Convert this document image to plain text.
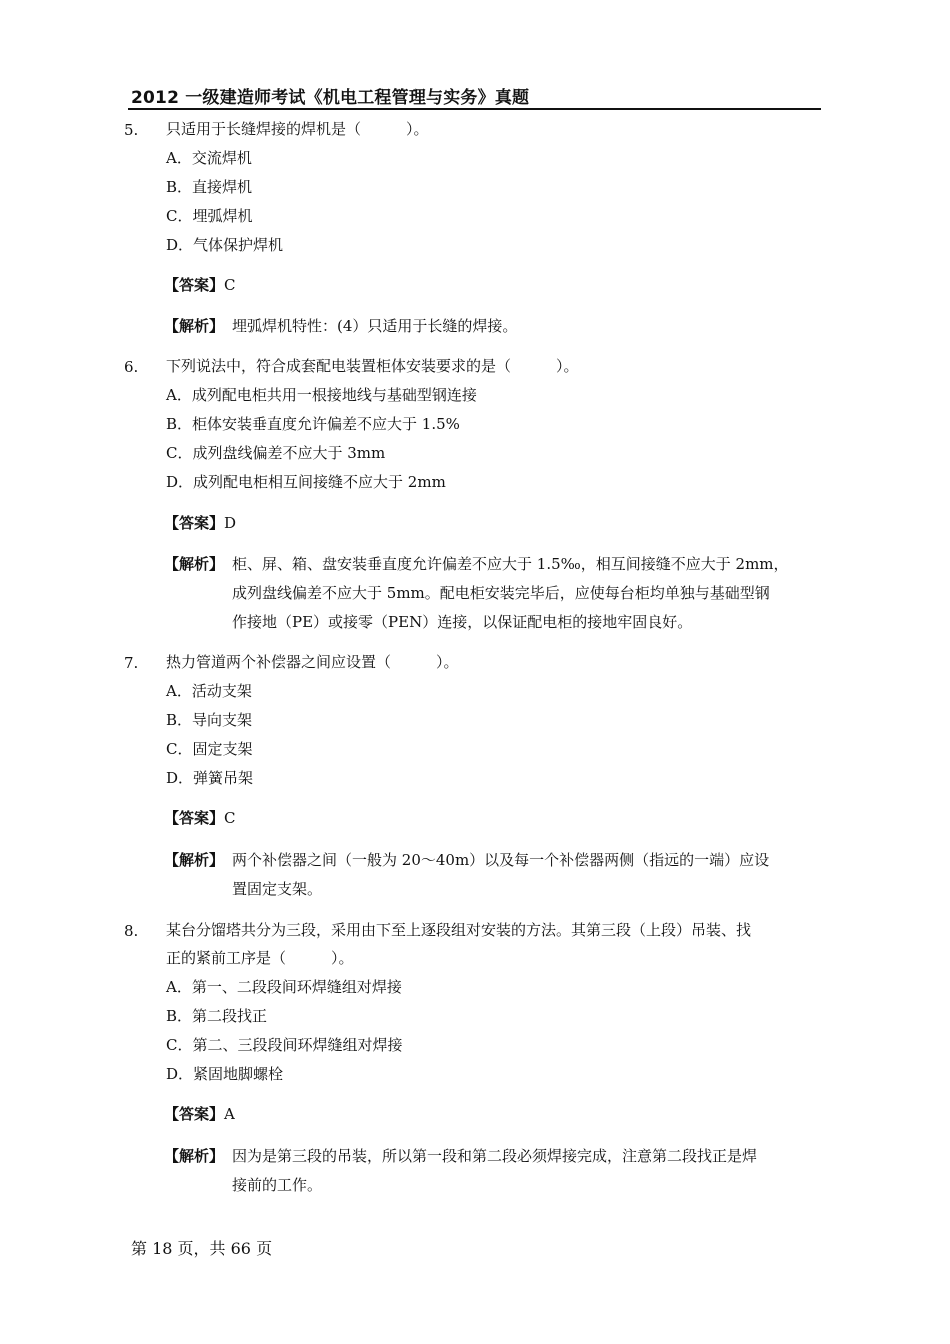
2012 一级建造师考试《机电工程管理与实务》真题
5. 只适用于长缝焊接的焊机是（　　　）。
A．交流焊机
B．直接焊机
C．埋弧焊机
D．气体保护焊机
【答案】C
【解析】 埋弧焊机特性：(4）只适用于长缝的焊接。
6. 下列说法中，符合成套配电装置柜体安装要求的是（　　　）。
A．成列配电柜共用一根接地线与基础型钢连接
B．柜体安装垂直度允许偏差不应大于 1.5%
C．成列盘线偏差不应大于 3mm
D．成列配电柜相互间接缝不应大于 2mm
【答案】D
【解析】 柜、屏、箱、盘安装垂直度允许偏差不应大于 1.5‰，相互间接缝不应大于 2mm，
成列盘线偏差不应大于 5mm。配电柜安装完毕后，应使每台柜均单独与基础型钢
作接地（PE）或接零（PEN）连接，以保证配电柜的接地牢固良好。
7. 热力管道两个补偿器之间应设置（　　　）。
A．活动支架
B．导向支架
C．固定支架
D．弹簧吊架
【答案】C
【解析】 两个补偿器之间（一般为 20～40m）以及每一个补偿器两侧（指远的一端）应设
置固定支架。
8. 某台分馏塔共分为三段，采用由下至上逐段组对安装的方法。其第三段（上段）吊装、找
正的紧前工序是（　　　）。
A．第一、二段段间环焊缝组对焊接
B．第二段找正
C．第二、三段段间环焊缝组对焊接
D．紧固地脚螺栓
【答案】A
【解析】 因为是第三段的吊装，所以第一段和第二段必须焊接完成，注意第二段找正是焊
接前的工作。
第 18 页，共 66 页
